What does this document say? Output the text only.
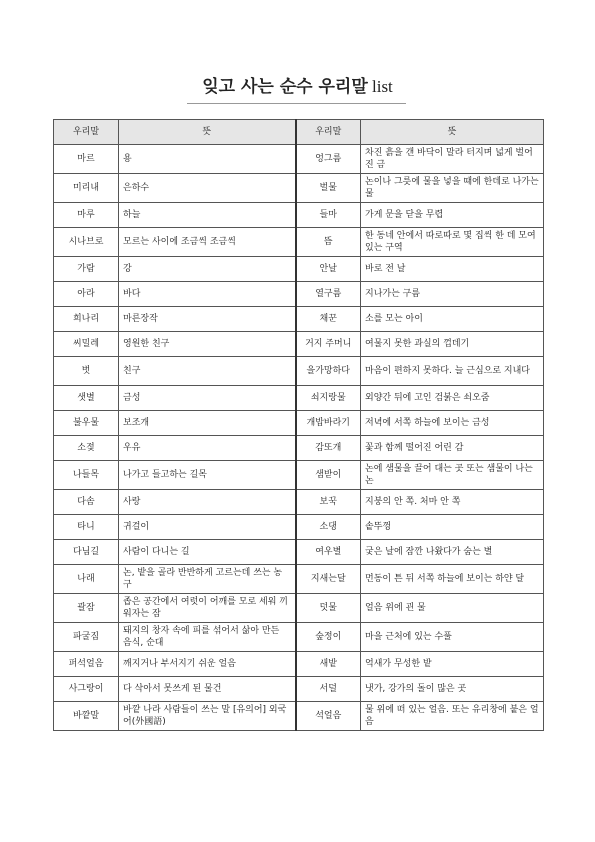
잊고 사는 순수 우리말 list
우리말	뜻	우리말	뜻
마르	용	엉그름	차진 흙을 갠 바닥이 말라 터지며 넓게 벌어진 금
미리내	은하수	벌물	논이나 그릇에 물을 넣을 때에 한데로 나가는 물
마루	하늘	들마	가게 문을 닫을 무렵
시나브로	모르는 사이에 조금씩 조금씩	뜸	한 동네 안에서 따로따로 몇 집씩 한 데 모여 있는 구역
가람	강	안날	바로 전 날
아라	바다	열구름	지나가는 구름
희나리	마른장작	채꾼	소를 모는 아이
씨밀레	영원한 친구	거지 주머니	여물지 못한 과실의 껍데기
벗	친구	을가망하다	마음이 편하지 못하다. 늘 근심으로 지내다
샛별	금성	쇠지랑물	외양간 뒤에 고인 검붉은 쇠오줌
불우물	보조개	개밥바라기	저녁에 서쪽 하늘에 보이는 금성
소젖	우유	감또개	꽃과 함께 떨어진 어린 감
나들목	나가고 들고하는 길목	샘받이	논에 샘물을 끌어 대는 곳 또는 샘물이 나는 논
다솜	사랑	보꾹	지붕의 안 쪽. 처마 안 쪽
타니	귀걸이	소댕	솥뚜껑
다님길	사람이 다니는 길	여우별	궂은 날에 잠깐 나왔다가 숨는 별
나래	논, 밭을 골라 반반하게 고르는데 쓰는 농구	지새는달	먼동이 튼 뒤 서쪽 하늘에 보이는 하얀 달
괄잠	좁은 공간에서 여럿이 어깨를 모로 세워 끼워자는 잠	덧물	얼음 위에 괸 물
파굴짐	돼지의 창자 속에 피를 섞어서 삶아 만든 음식, 순대	숲정이	마을 근처에 있는 수풀
퍼석얼음	깨지거나 부서지기 쉬운 얼음	새밭	억새가 무성한 밭
사그랑이	다 삭아서 못쓰게 된 물건	서덜	냇가, 강가의 돌이 많은 곳
바깥말	바깥 나라 사람들이 쓰는 말 [유의어] 외국어(外國語)	석얼음	물 위에 떠 있는 얼음. 또는 유리창에 붙은 얼음
